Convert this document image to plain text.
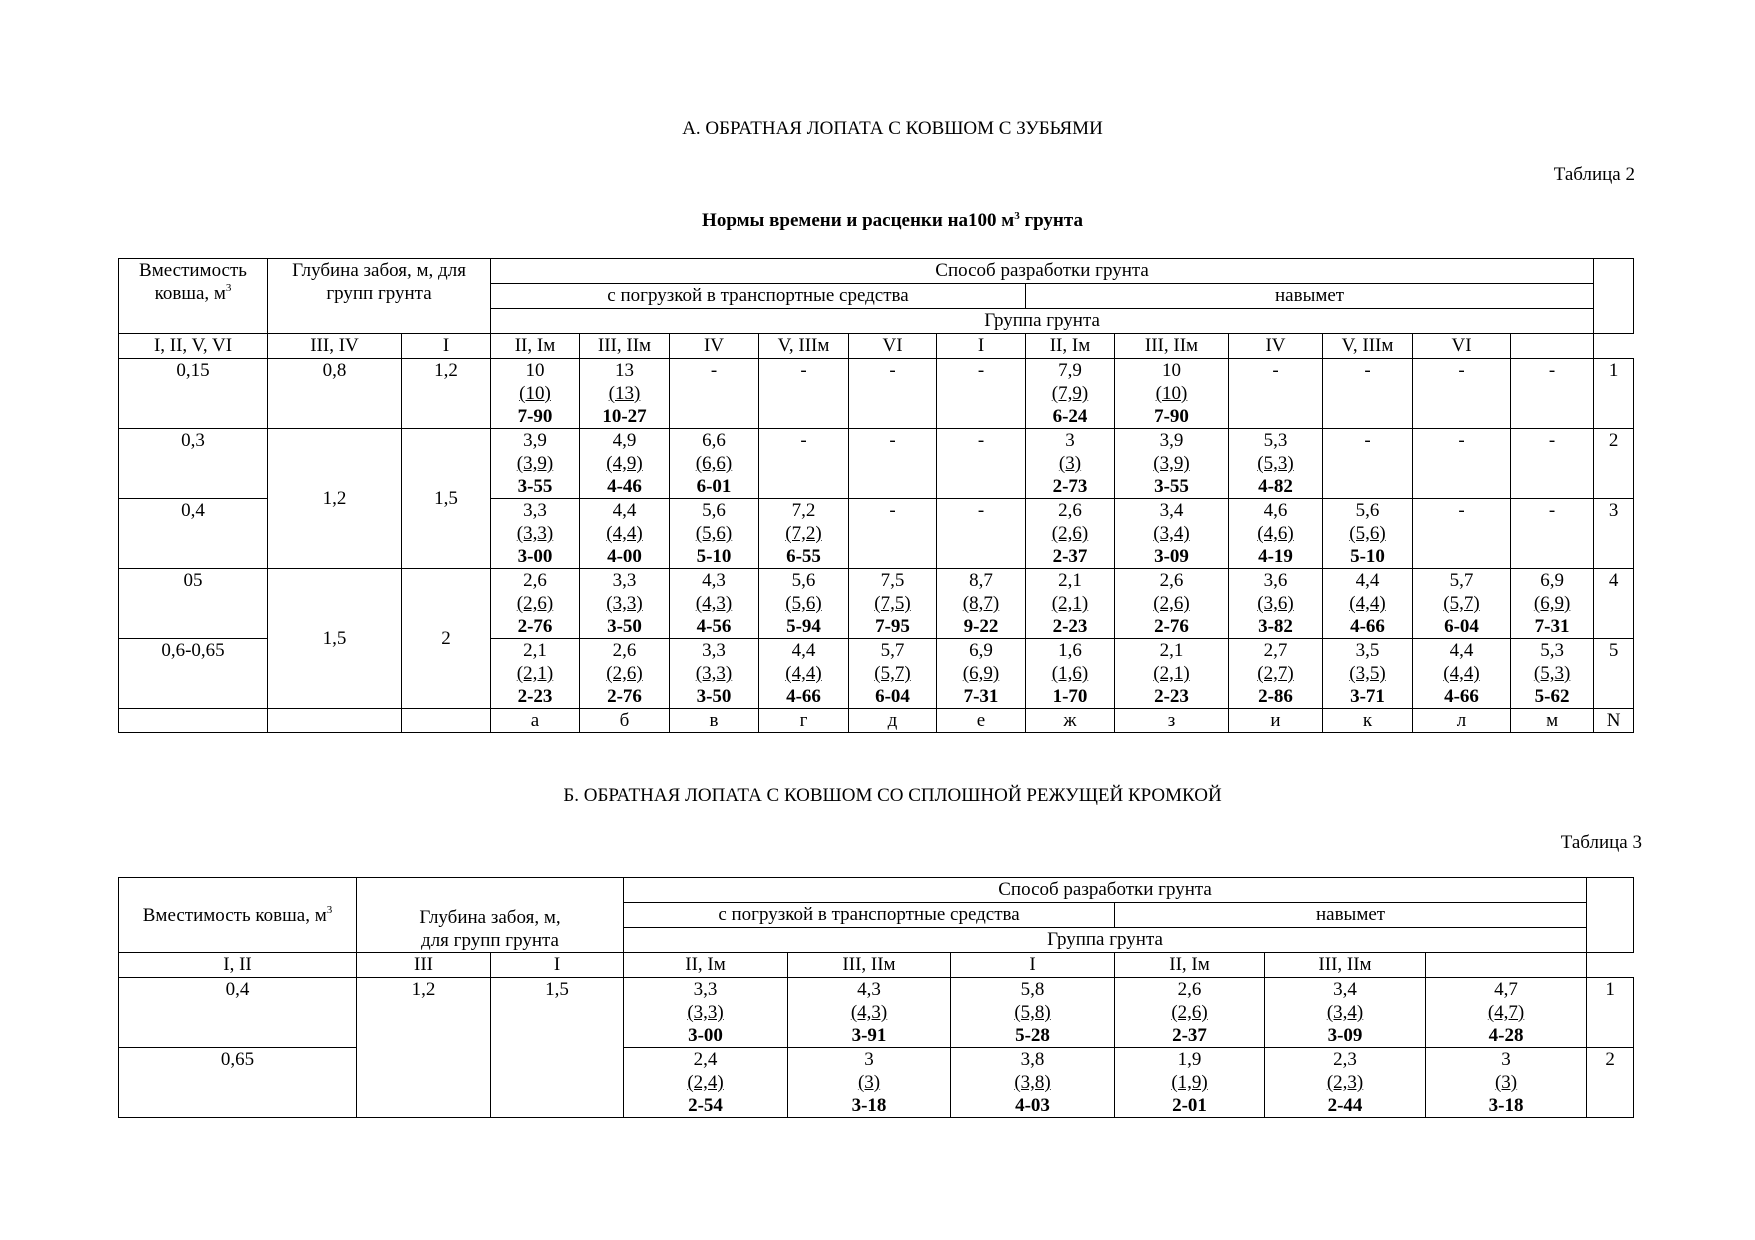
А. ОБРАТНАЯ ЛОПАТА С КОВШОМ С ЗУБЬЯМИ
Таблица 2
Нормы времени и расценки на100 $м^3$ грунта
Вместимость ковша, $м^3$	Глубина забоя, м, для групп грунта		Способ разработки грунта												
			с погрузкой в транспортные средства						навымет						
			Группа грунта												
I, II, V, VI	III, IV	I	II, Iм	III, IIм	IV	V, IIIм	VI	I	II, Iм	III, IIм	IV	V, IIIм	VI		
0,15	0,8	1,2	10
(10)
7-90	13
(13)
10-27	-	-	-	-	7,9
(7,9)
6-24	10
(10)
7-90	-	-	-	-	1
0,3	1,2	1,5	3,9
(3,9)
3-55	4,9
(4,9)
4-46	6,6
(6,6)
6-01	-	-	-	3
(3)
2-73	3,9
(3,9)
3-55	5,3
(5,3)
4-82	-	-	-	2
0,4			3,3
(3,3)
3-00	4,4
(4,4)
4-00	5,6
(5,6)
5-10	7,2
(7,2)
6-55	-	-	2,6
(2,6)
2-37	3,4
(3,4)
3-09	4,6
(4,6)
4-19	5,6
(5,6)
5-10	-	-	3
05	1,5	2	2,6
(2,6)
2-76	3,3
(3,3)
3-50	4,3
(4,3)
4-56	5,6
(5,6)
5-94	7,5
(7,5)
7-95	8,7
(8,7)
9-22	2,1
(2,1)
2-23	2,6
(2,6)
2-76	3,6
(3,6)
3-82	4,4
(4,4)
4-66	5,7
(5,7)
6-04	6,9
(6,9)
7-31	4
0,6-0,65			2,1
(2,1)
2-23	2,6
(2,6)
2-76	3,3
(3,3)
3-50	4,4
(4,4)
4-66	5,7
(5,7)
6-04	6,9
(6,9)
7-31	1,6
(1,6)
1-70	2,1
(2,1)
2-23	2,7
(2,7)
2-86	3,5
(3,5)
3-71	4,4
(4,4)
4-66	5,3
(5,3)
5-62	5
			а	б	в	г	д	е	ж	з	и	к	л	м	N
Б. ОБРАТНАЯ ЛОПАТА С КОВШОМ СО СПЛОШНОЙ РЕЖУЩЕЙ КРОМКОЙ
Таблица 3
Вместимость ковша, $м^3$	Глубина забоя, м,
для групп грунта		Способ разработки грунта						
			с погрузкой в транспортные средства			навымет			
			Группа грунта						
I, II	III	I	II, Iм	III, IIм	I	II, Iм	III, IIм		
0,4	1,2	1,5	3,3
(3,3)
3-00	4,3
(4,3)
3-91	5,8
(5,8)
5-28	2,6
(2,6)
2-37	3,4
(3,4)
3-09	4,7
(4,7)
4-28	1
0,65			2,4
(2,4)
2-54	3
(3)
3-18	3,8
(3,8)
4-03	1,9
(1,9)
2-01	2,3
(2,3)
2-44	3
(3)
3-18	2
